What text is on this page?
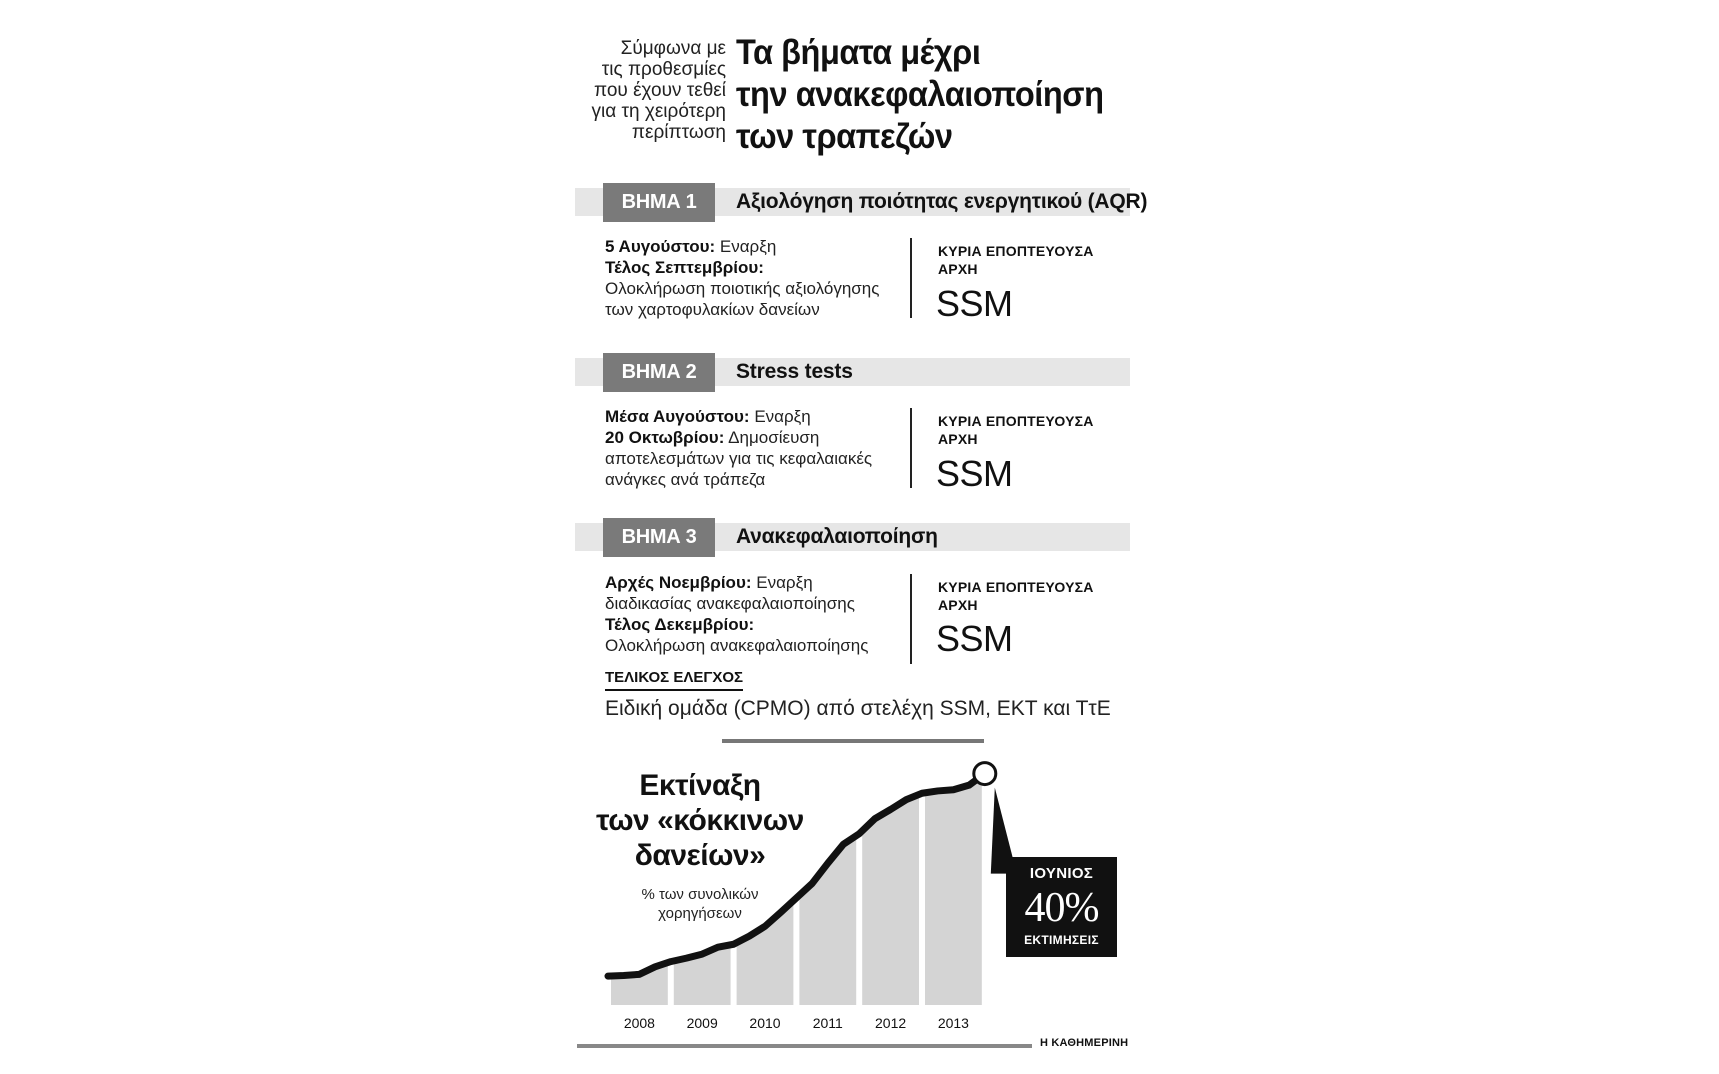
Σύμφωνα με
τις προθεσμίες
που έχουν τεθεί
για τη χειρότερη
περίπτωση
Τα βήματα μέχρι
την ανακεφαλαιοποίηση
των τραπεζών
ΒΗΜΑ 1	Αξιολόγηση ποιότητας ενεργητικού (AQR)
5 Αυγούστου: Εναρξη
Τέλος Σεπτεμβρίου:
Ολοκλήρωση ποιοτικής αξιολόγησης
των χαρτοφυλακίων δανείων
ΚΥΡΙΑ ΕΠΟΠΤΕΥΟΥΣΑ ΑΡΧΗ
SSM
ΒΗΜΑ 2	Stress tests
Μέσα Αυγούστου: Εναρξη
20 Οκτωβρίου: Δημοσίευση
αποτελεσμάτων για τις κεφαλαιακές
ανάγκες ανά τράπεζα
ΚΥΡΙΑ ΕΠΟΠΤΕΥΟΥΣΑ ΑΡΧΗ
SSM
ΒΗΜΑ 3	Ανακεφαλαιοποίηση
Αρχές Νοεμβρίου: Εναρξη
διαδικασίας ανακεφαλαιοποίησης
Τέλος Δεκεμβρίου:
Ολοκλήρωση ανακεφαλαιοποίησης
ΚΥΡΙΑ ΕΠΟΠΤΕΥΟΥΣΑ ΑΡΧΗ
SSM
ΤΕΛΙΚΟΣ ΕΛΕΓΧΟΣ
Ειδική ομάδα (CPMO) από στελέχη SSM, ΕΚΤ και ΤτΕ
2008 2009 2010 2011 2012 2013
Εκτίναξη
των «κόκκινων
δανείων»
% των συνολικών χορηγήσεων
ΙΟΥΝΙΟΣ
40%
ΕΚΤΙΜΗΣΕΙΣ
Η ΚΑΘΗΜΕΡΙΝΗ
